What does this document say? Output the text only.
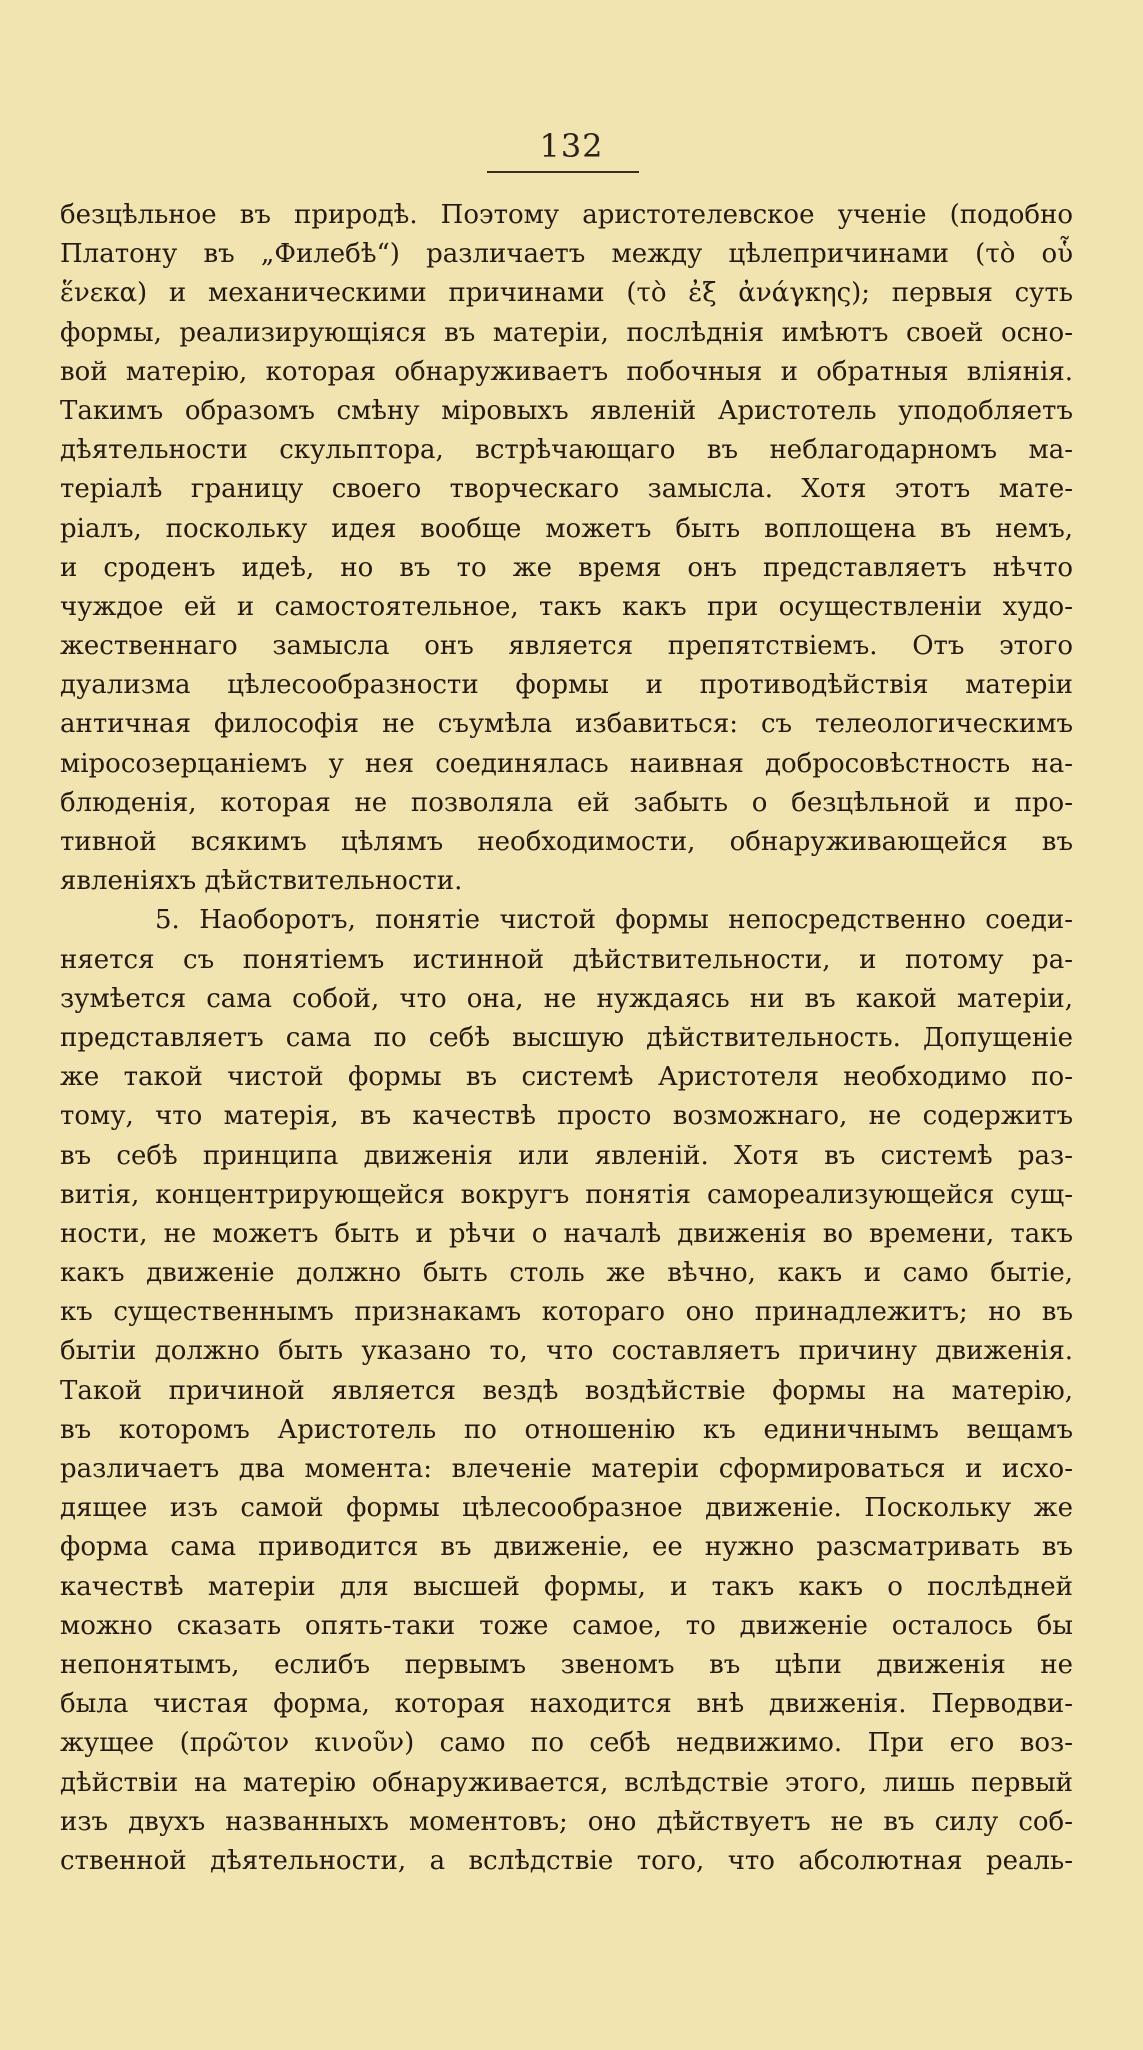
132
безцѣльное въ природѣ. Поэтому аристотелевское ученіе (подобно
Платону въ „Филебѣ“) различаетъ между цѣлепричинами (τὸ οὗ
ἕνεκα) и механическими причинами (τὸ ἐξ ἀνάγκης); первыя суть
формы, реализирующіяся въ матеріи, послѣднія имѣютъ своей осно-
вой матерію, которая обнаруживаетъ побочныя и обратныя вліянія.
Такимъ образомъ смѣну міровыхъ явленій Аристотель уподобляетъ
дѣятельности скульптора, встрѣчающаго въ неблагодарномъ ма-
теріалѣ границу своего творческаго замысла. Хотя этотъ мате-
ріалъ, поскольку идея вообще можетъ быть воплощена въ немъ,
и сроденъ идеѣ, но въ то же время онъ представляетъ нѣчто
чуждое ей и самостоятельное, такъ какъ при осуществленіи худо-
жественнаго замысла онъ является препятствіемъ. Отъ этого
дуализма цѣлесообразности формы и противодѣйствія матеріи
античная философія не съумѣла избавиться: съ телеологическимъ
міросозерцаніемъ у нея соединялась наивная добросовѣстность на-
блюденія, которая не позволяла ей забыть о безцѣльной и про-
тивной всякимъ цѣлямъ необходимости, обнаруживающейся въ
явленіяхъ дѣйствительности.
5. Наоборотъ, понятіе чистой формы непосредственно соеди-
няется съ понятіемъ истинной дѣйствительности, и потому ра-
зумѣется сама собой, что она, не нуждаясь ни въ какой матеріи,
представляетъ сама по себѣ высшую дѣйствительность. Допущеніе
же такой чистой формы въ системѣ Аристотеля необходимо по-
тому, что матерія, въ качествѣ просто возможнаго, не содержитъ
въ себѣ принципа движенія или явленій. Хотя въ системѣ раз-
витія, концентрирующейся вокругъ понятія самореализующейся сущ-
ности, не можетъ быть и рѣчи о началѣ движенія во времени, такъ
какъ движеніе должно быть столь же вѣчно, какъ и само бытіе,
къ существеннымъ признакамъ котораго оно принадлежитъ; но въ
бытіи должно быть указано то, что составляетъ причину движенія.
Такой причиной является вездѣ воздѣйствіе формы на матерію,
въ которомъ Аристотель по отношенію къ единичнымъ вещамъ
различаетъ два момента: влеченіе матеріи сформироваться и исхо-
дящее изъ самой формы цѣлесообразное движеніе. Поскольку же
форма сама приводится въ движеніе, ее нужно разсматривать въ
качествѣ матеріи для высшей формы, и такъ какъ о послѣдней
можно сказать опять-таки тоже самое, то движеніе осталось бы
непонятымъ, еслибъ первымъ звеномъ въ цѣпи движенія не
была чистая форма, которая находится внѣ движенія. Перводви-
жущее (πρῶτον κινοῦν) само по себѣ недвижимо. При его воз-
дѣйствіи на матерію обнаруживается, вслѣдствіе этого, лишь первый
изъ двухъ названныхъ моментовъ; оно дѣйствуетъ не въ силу соб-
ственной дѣятельности, а вслѣдствіе того, что абсолютная реаль-
